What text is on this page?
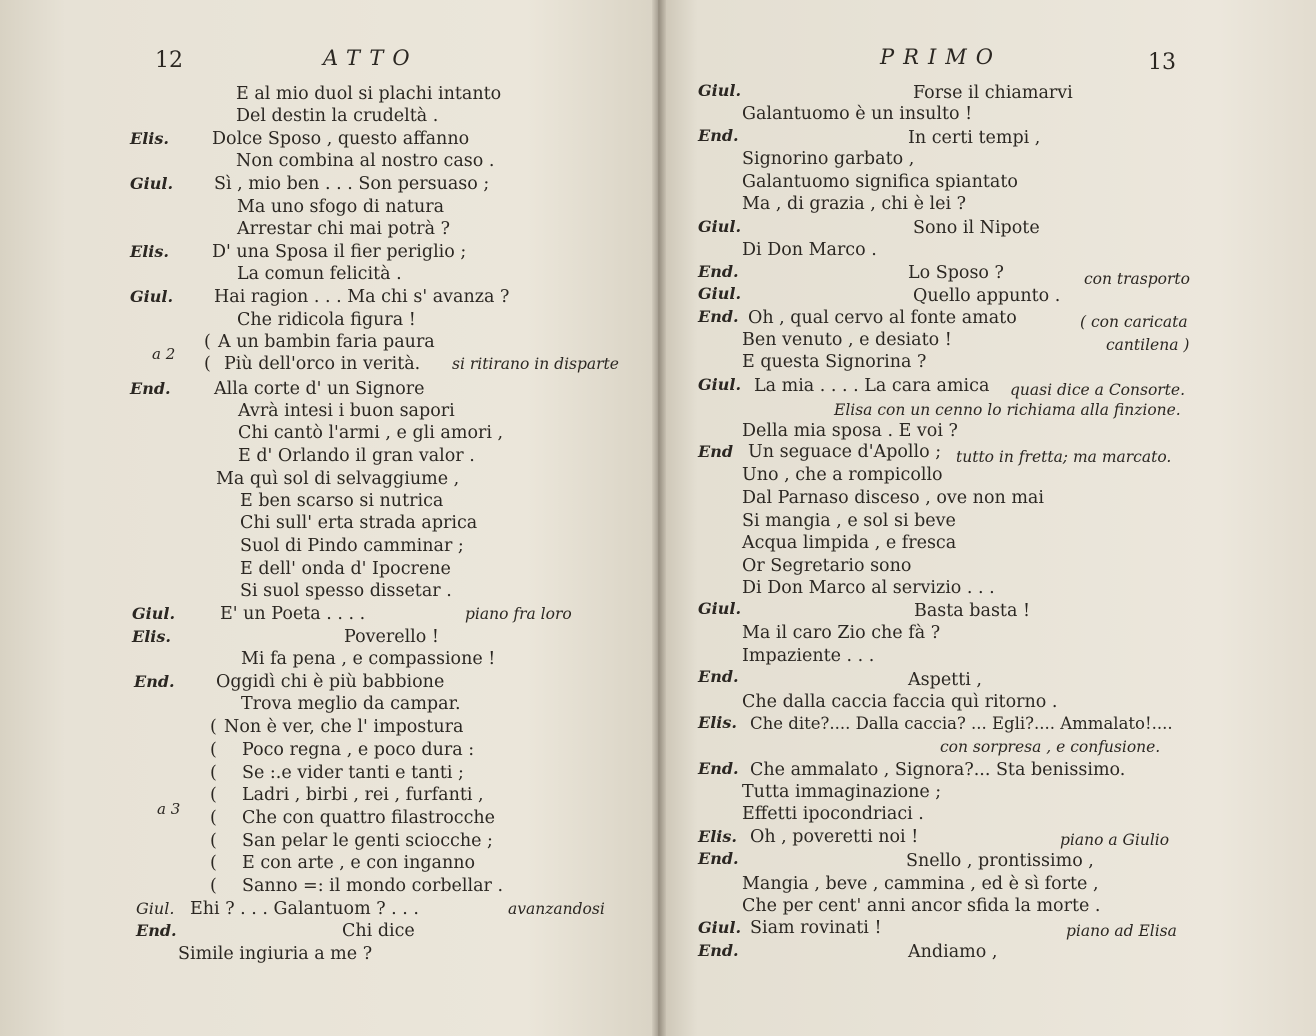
12	ATTO
E al mio duol si plachi intanto
Del destin la crudeltà .
Elis. Dolce Sposo , questo affanno
Non combina al nostro caso .
Giul. Sì , mio ben . . . Son persuaso ;
Ma uno sfogo di natura
Arrestar chi mai potrà ?
Elis. D' una Sposa il fier periglio ;
La comun felicità .
Giul. Hai ragion . . . Ma chi s' avanza ?
Che ridicola figura !
( A un bambin faria paura
a 2 ( Più dell'orco in verità. si ritirano in disparte
End. Alla corte d' un Signore
Avrà intesi i buon sapori
Chi cantò l'armi , e gli amori ,
E d' Orlando il gran valor .
Ma quì sol di selvaggiume ,
E ben scarso si nutrica
Chi sull' erta strada aprica
Suol di Pindo camminar ;
E dell' onda d' Ipocrene
Si suol spesso dissetar .
Giul.	E' un Poeta . . . .	piano fra loro
Elis.	Poverello !
Mi fa pena , e compassione !
End. Oggidì chi è più babbione
Trova meglio da campar.
( Non è ver, che l' impostura
( Poco regna , e poco dura :
( Se :.e vider tanti e tanti ;
( Ladri , birbi , rei , furfanti ,
a 3 ( Che con quattro filastrocche
( San pelar le genti sciocche ;
( E con arte , e con inganno
( Sanno =: il mondo corbellar .
Giul. Ehi ? . . . Galantuom ? . . .	avanzandosi
End.	Chi dice
Simile ingiuria a me ?
PRIMO	13
Giul.	Forse il chiamarvi
Galantuomo è un insulto !
End.	In certi tempi ,
Signorino garbato ,
Galantuomo significa spiantato
Ma , di grazia , chi è lei ?
Giul.	Sono il Nipote
Di Don Marco .
End.	Lo Sposo ?	con trasporto
Giul.	Quello appunto .
End. Oh , qual cervo al fonte amato	( con caricata
Ben venuto , e desiato !	cantilena )
E questa Signorina ?
Giul. La mia . . . . La cara amica quasi dice a Consorte.
Elisa con un cenno lo richiama alla finzione.
Della mia sposa . E voi ?
End Un seguace d'Apollo ; tutto in fretta; ma marcato.
Uno , che a rompicollo
Dal Parnaso disceso , ove non mai
Si mangia , e sol si beve
Acqua limpida , e fresca
Or Segretario sono
Di Don Marco al servizio . . .
Giul.	Basta basta !
Ma il caro Zio che fà ?
Impaziente . . .
End.	Aspetti ,
Che dalla caccia faccia quì ritorno .
Elis. Che dite?.... Dalla caccia? ... Egli?.... Ammalato!....
con sorpresa , e confusione.
End. Che ammalato , Signora?... Sta benissimo.
Tutta immaginazione ;
Effetti ipocondriaci .
Elis. Oh , poveretti noi !	piano a Giulio
End.	Snello , prontissimo ,
Mangia , beve , cammina , ed è sì forte ,
Che per cent' anni ancor sfida la morte .
Giul. Siam rovinati !	piano ad Elisa
End.	Andiamo ,
